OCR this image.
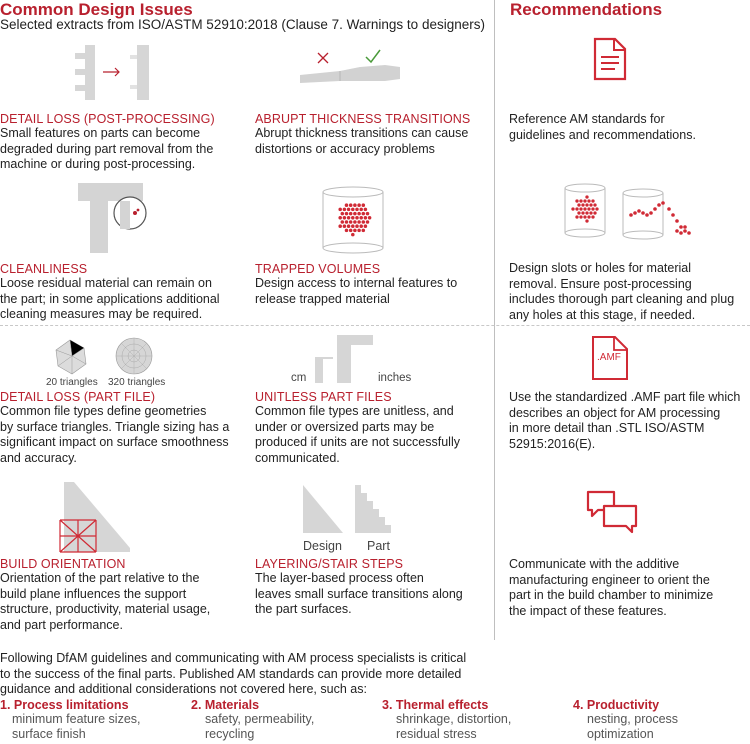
Common Design Issues
Selected extracts from ISO/ASTM 52910:2018 (Clause 7. Warnings to designers)
Recommendations
20 triangles 320 triangles	cm	inches
Design Part
.AMF
DETAIL LOSS (POST-PROCESSING)
Small features on parts can become
degraded during part removal from the
machine or during post-processing.
ABRUPT THICKNESS TRANSITIONS
Abrupt thickness transitions can cause
distortions or accuracy problems
CLEANLINESS
Loose residual material can remain on
the part; in some applications additional
cleaning measures may be required.
TRAPPED VOLUMES
Design access to internal features to
release trapped material
DETAIL LOSS (PART FILE)
Common file types define geometries
by surface triangles. Triangle sizing has a
significant impact on surface smoothness
and accuracy.
UNITLESS PART FILES
Common file types are unitless, and
under or oversized parts may be
produced if units are not successfully
communicated.
BUILD ORIENTATION
Orientation of the part relative to the
build plane influences the support
structure, productivity, material usage,
and part performance.
LAYERING/STAIR STEPS
The layer-based process often
leaves small surface transitions along
the part surfaces.
Reference AM standards for
guidelines and recommendations.
Design slots or holes for material
removal. Ensure post-processing
includes thorough part cleaning and plug
any holes at this stage, if needed.
Use the standardized .AMF part file which
describes an object for AM processing
in more detail than .STL ISO/ASTM
52915:2016(E).
Communicate with the additive
manufacturing engineer to orient the
part in the build chamber to minimize
the impact of these features.
Following DfAM guidelines and communicating with AM process specialists is critical
to the success of the final parts. Published AM standards can provide more detailed
guidance and additional considerations not covered here, such as:
1. Process limitations
minimum feature sizes,
surface finish
2. Materials
safety, permeability,
recycling
3. Thermal effects
shrinkage, distortion,
residual stress
4. Productivity
nesting, process
optimization
